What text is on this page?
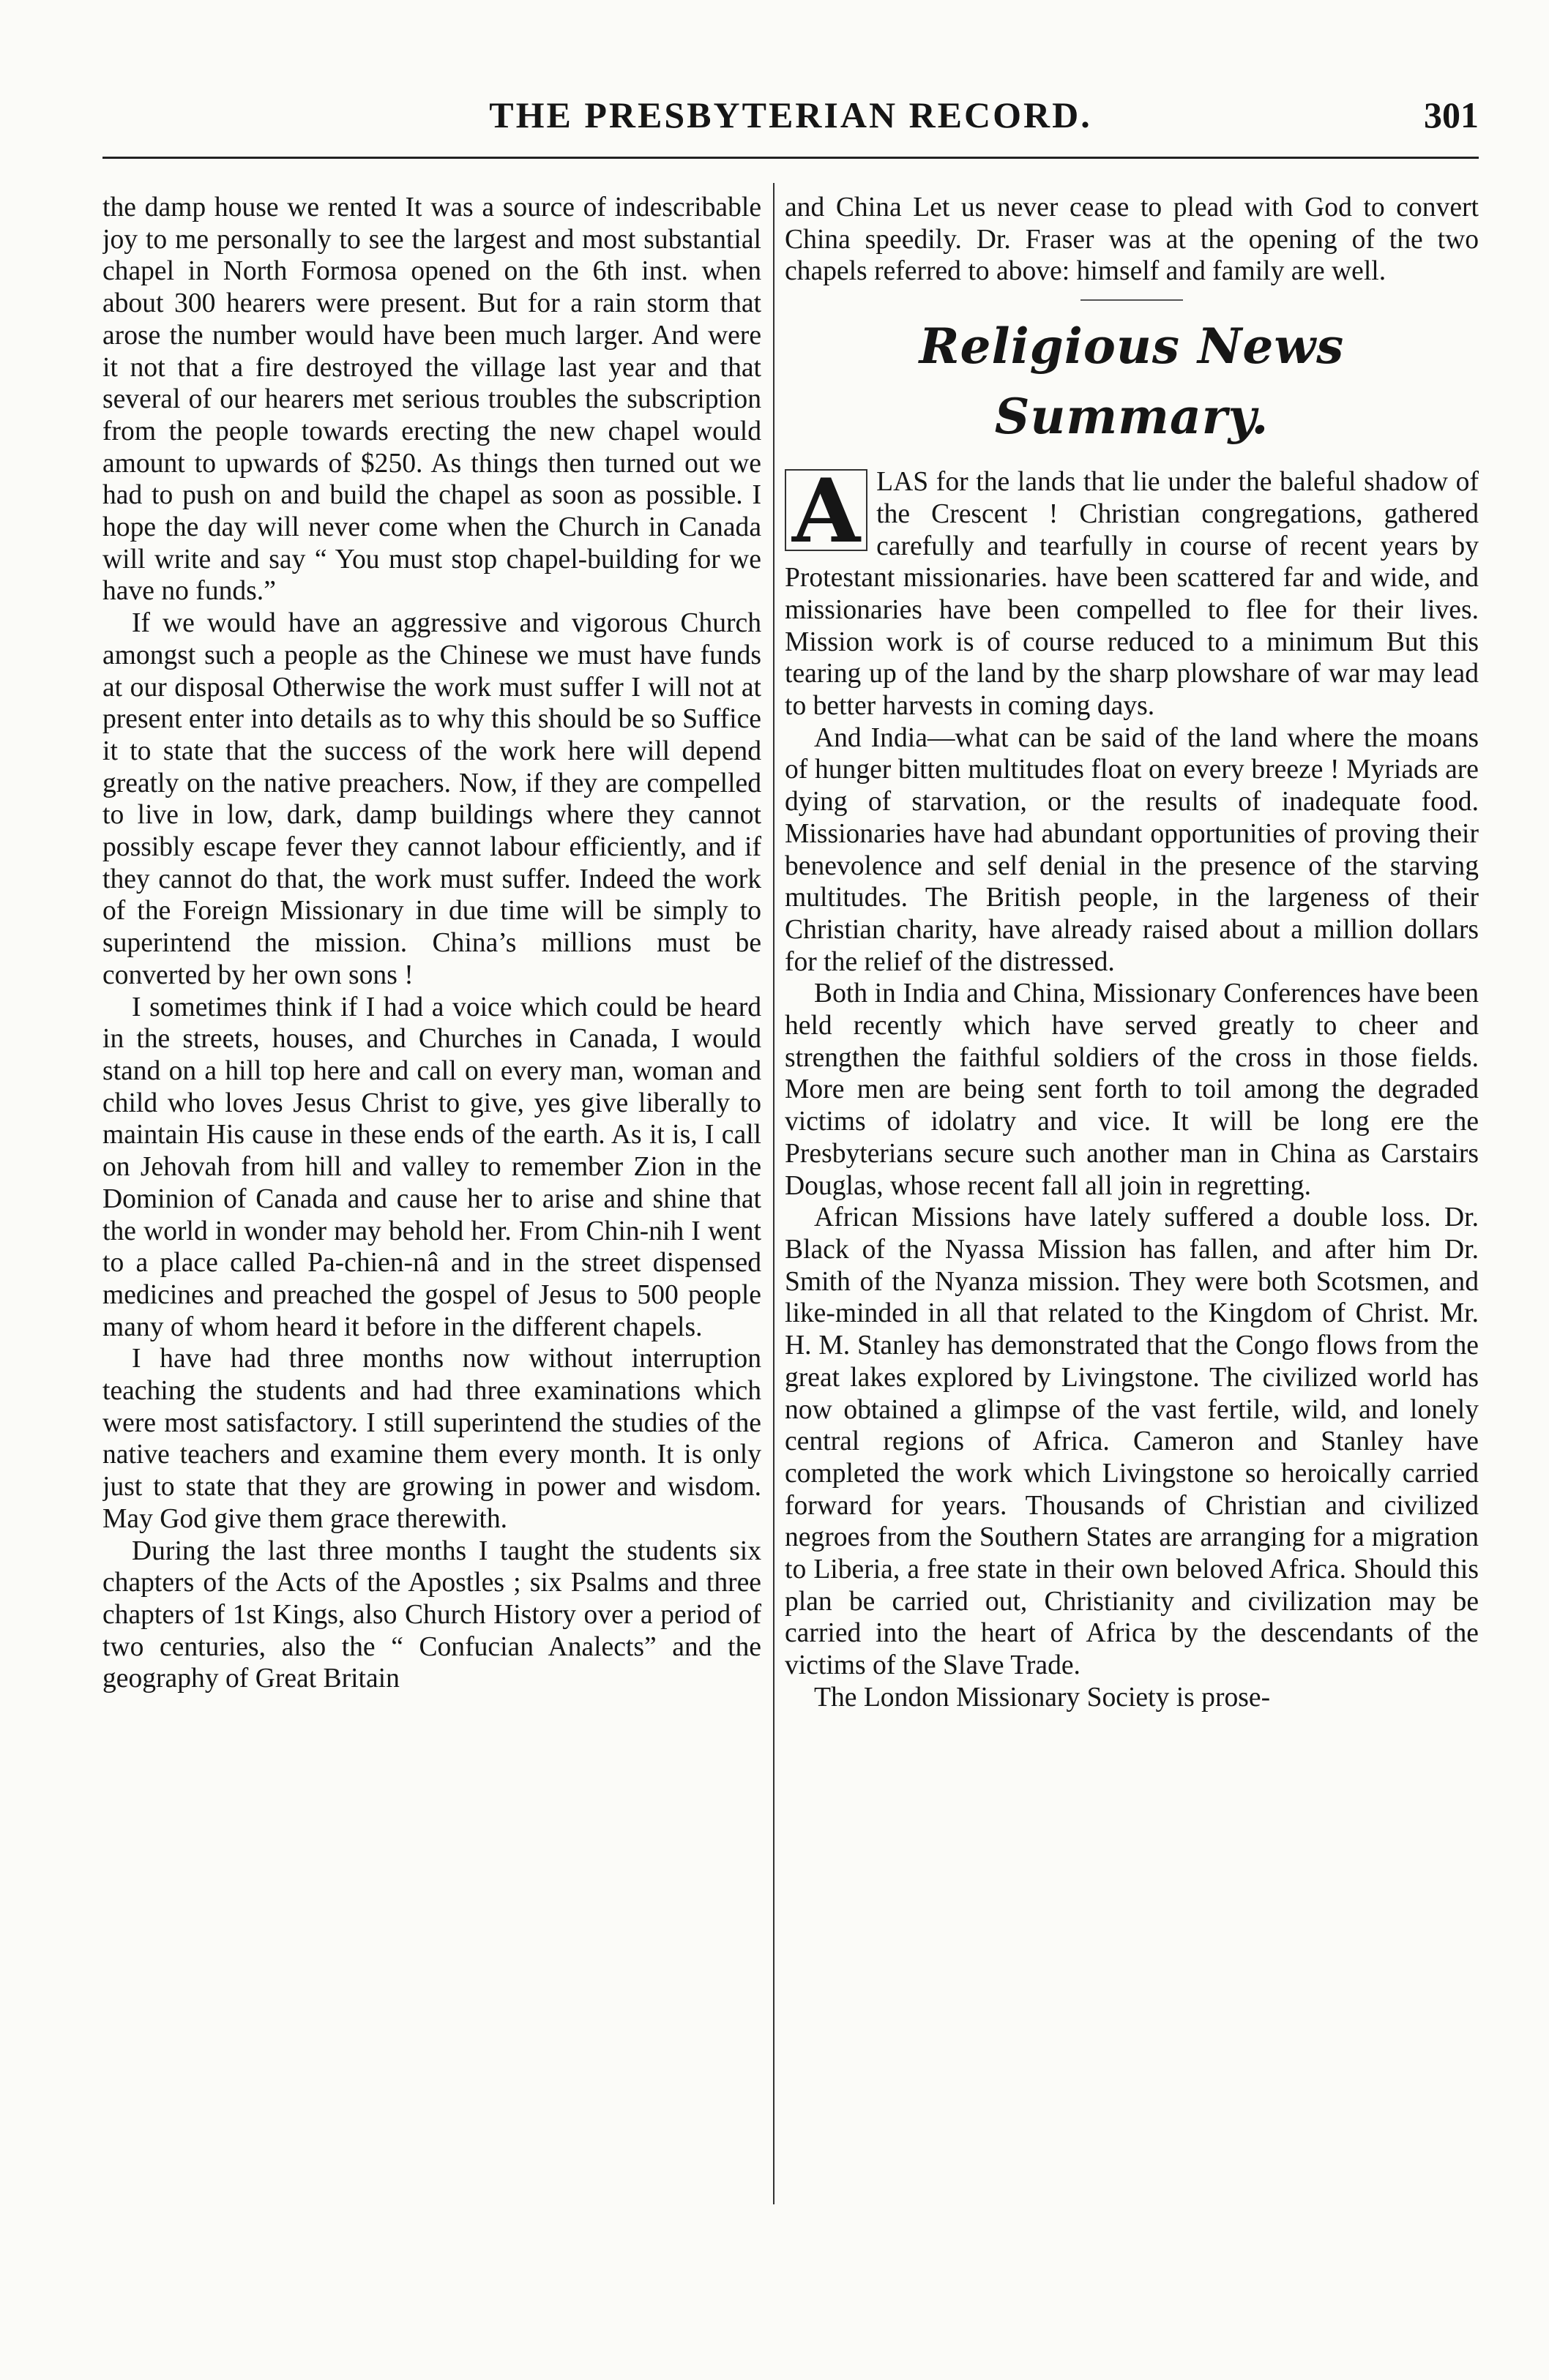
THE PRESBYTERIAN RECORD.	301

the damp house we rented It was a source of indescribable joy to me personally to see the largest and most substantial chapel in North Formosa opened on the 6th inst. when about 300 hearers were present. But for a rain storm that arose the number would have been much larger. And were it not that a fire destroyed the village last year and that several of our hearers met serious troubles the subscription from the people towards erecting the new chapel would amount to upwards of $250. As things then turned out we had to push on and build the chapel as soon as possible. I hope the day will never come when the Church in Canada will write and say “ You must stop chapel-building for we have no funds.”

If we would have an aggressive and vigorous Church amongst such a people as the Chinese we must have funds at our disposal Otherwise the work must suffer I will not at present enter into details as to why this should be so Suffice it to state that the success of the work here will depend greatly on the native preachers. Now, if they are compelled to live in low, dark, damp buildings where they cannot possibly escape fever they cannot labour efficiently, and if they cannot do that, the work must suffer. Indeed the work of the Foreign Missionary in due time will be simply to superintend the mission. China’s millions must be converted by her own sons !

I sometimes think if I had a voice which could be heard in the streets, houses, and Churches in Canada, I would stand on a hill top here and call on every man, woman and child who loves Jesus Christ to give, yes give liberally to maintain His cause in these ends of the earth. As it is, I call on Jehovah from hill and valley to remember Zion in the Dominion of Canada and cause her to arise and shine that the world in wonder may behold her. From Chin-nih I went to a place called Pa-chien-nâ and in the street dispensed medicines and preached the gospel of Jesus to 500 people many of whom heard it before in the different chapels.

I have had three months now without interruption teaching the students and had three examinations which were most satisfactory. I still superintend the studies of the native teachers and examine them every month. It is only just to state that they are growing in power and wisdom. May God give them grace therewith.

During the last three months I taught the students six chapters of the Acts of the Apostles ; six Psalms and three chapters of 1st Kings, also Church History over a period of two centuries, also the “ Confucian Analects” and the geography of Great Britain

and China Let us never cease to plead with God to convert China speedily. Dr. Fraser was at the opening of the two chapels referred to above: himself and family are well.

Religious News Summary.

A LAS for the lands that lie under the baleful shadow of the Crescent ! Christian congregations, gathered carefully and tearfully in course of recent years by Protestant missionaries. have been scattered far and wide, and missionaries have been compelled to flee for their lives. Mission work is of course reduced to a minimum But this tearing up of the land by the sharp plowshare of war may lead to better harvests in coming days.

And India—what can be said of the land where the moans of hunger bitten multitudes float on every breeze ! Myriads are dying of starvation, or the results of inadequate food. Missionaries have had abundant opportunities of proving their benevolence and self denial in the presence of the starving multitudes. The British people, in the largeness of their Christian charity, have already raised about a million dollars for the relief of the distressed.

Both in India and China, Missionary Conferences have been held recently which have served greatly to cheer and strengthen the faithful soldiers of the cross in those fields. More men are being sent forth to toil among the degraded victims of idolatry and vice. It will be long ere the Presbyterians secure such another man in China as Carstairs Douglas, whose recent fall all join in regretting.

African Missions have lately suffered a double loss. Dr. Black of the Nyassa Mission has fallen, and after him Dr. Smith of the Nyanza mission. They were both Scotsmen, and like-minded in all that related to the Kingdom of Christ. Mr. H. M. Stanley has demonstrated that the Congo flows from the great lakes explored by Livingstone. The civilized world has now obtained a glimpse of the vast fertile, wild, and lonely central regions of Africa. Cameron and Stanley have completed the work which Livingstone so heroically carried forward for years. Thousands of Christian and civilized negroes from the Southern States are arranging for a migration to Liberia, a free state in their own beloved Africa. Should this plan be carried out, Christianity and civilization may be carried into the heart of Africa by the descendants of the victims of the Slave Trade.

The London Missionary Society is prose-
